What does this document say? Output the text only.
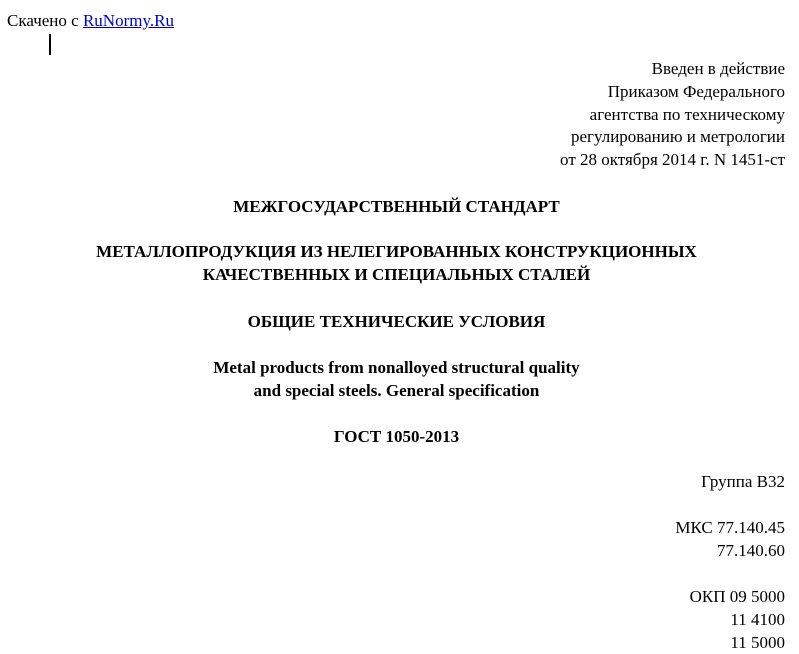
Скачено с RuNormy.Ru
Введен в действие
Приказом Федерального
агентства по техническому
регулированию и метрологии
от 28 октября 2014 г. N 1451-ст
МЕЖГОСУДАРСТВЕННЫЙ СТАНДАРТ
МЕТАЛЛОПРОДУКЦИЯ ИЗ НЕЛЕГИРОВАННЫХ КОНСТРУКЦИОННЫХ
КАЧЕСТВЕННЫХ И СПЕЦИАЛЬНЫХ СТАЛЕЙ
ОБЩИЕ ТЕХНИЧЕСКИЕ УСЛОВИЯ
Metal products from nonalloyed structural quality
and special steels. General specification
ГОСТ 1050-2013
Группа В32
МКС 77.140.45
77.140.60
ОКП 09 5000
11 4100
11 5000
